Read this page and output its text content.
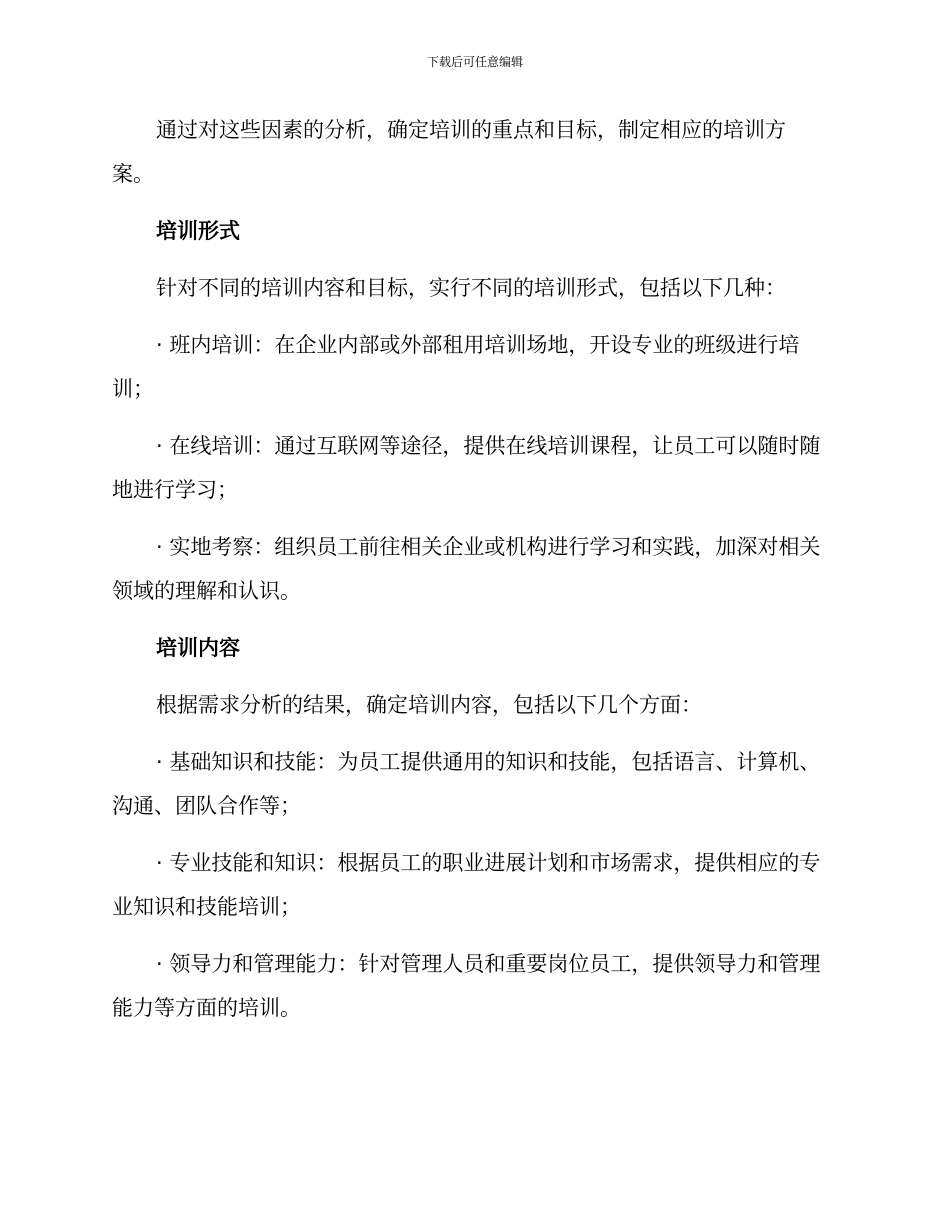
下载后可任意编辑

通过对这些因素的分析，确定培训的重点和目标，制定相应的培训方案。

培训形式

针对不同的培训内容和目标，实行不同的培训形式，包括以下几种：

· 班内培训：在企业内部或外部租用培训场地，开设专业的班级进行培训；

· 在线培训：通过互联网等途径，提供在线培训课程，让员工可以随时随地进行学习；

· 实地考察：组织员工前往相关企业或机构进行学习和实践，加深对相关领域的理解和认识。

培训内容

根据需求分析的结果，确定培训内容，包括以下几个方面：

· 基础知识和技能：为员工提供通用的知识和技能，包括语言、计算机、沟通、团队合作等；

· 专业技能和知识：根据员工的职业进展计划和市场需求，提供相应的专业知识和技能培训；

· 领导力和管理能力：针对管理人员和重要岗位员工，提供领导力和管理能力等方面的培训。
